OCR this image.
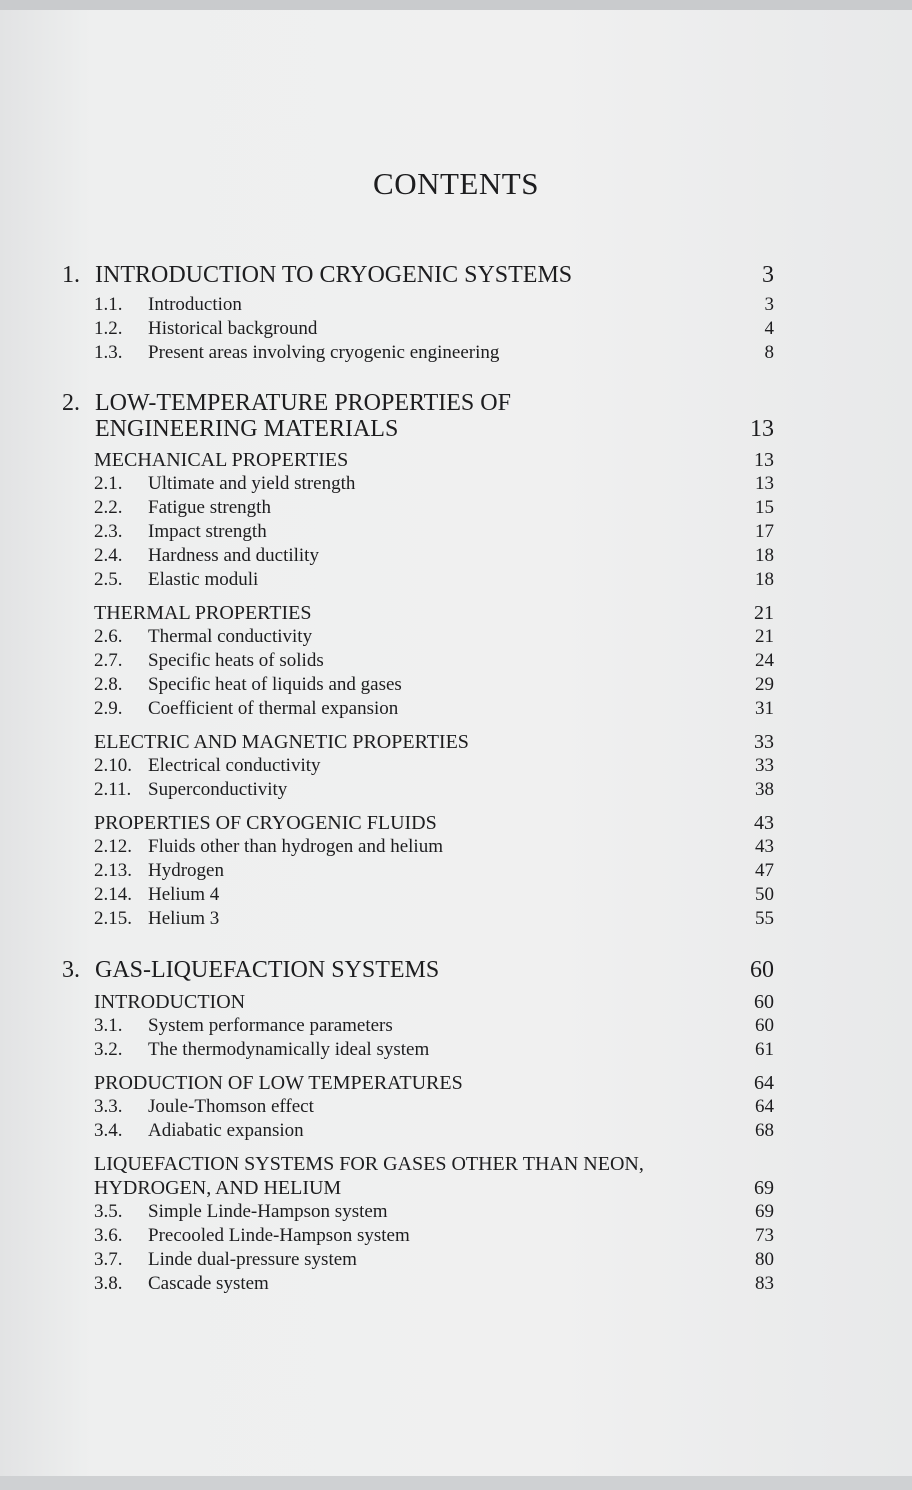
CONTENTS
1. INTRODUCTION TO CRYOGENIC SYSTEMS	3
1.1.	Introduction	3
1.2.	Historical background	4
1.3.	Present areas involving cryogenic engineering	8
2. LOW-TEMPERATURE PROPERTIES OF
ENGINEERING MATERIALS	13
MECHANICAL PROPERTIES	13
2.1.	Ultimate and yield strength	13
2.2.	Fatigue strength	15
2.3.	Impact strength	17
2.4.	Hardness and ductility	18
2.5.	Elastic moduli	18
THERMAL PROPERTIES	21
2.6.	Thermal conductivity	21
2.7.	Specific heats of solids	24
2.8.	Specific heat of liquids and gases	29
2.9.	Coefficient of thermal expansion	31
ELECTRIC AND MAGNETIC PROPERTIES	33
2.10. Electrical conductivity	33
2.11. Superconductivity	38
PROPERTIES OF CRYOGENIC FLUIDS	43
2.12. Fluids other than hydrogen and helium	43
2.13. Hydrogen	47
2.14. Helium 4	50
2.15. Helium 3	55
3. GAS-LIQUEFACTION SYSTEMS	60
INTRODUCTION	60
3.1.	System performance parameters	60
3.2.	The thermodynamically ideal system	61
PRODUCTION OF LOW TEMPERATURES	64
3.3.	Joule-Thomson effect	64
3.4.	Adiabatic expansion	68
LIQUEFACTION SYSTEMS FOR GASES OTHER THAN NEON,
HYDROGEN, AND HELIUM	69
3.5.	Simple Linde-Hampson system	69
3.6.	Precooled Linde-Hampson system	73
3.7.	Linde dual-pressure system	80
3.8.	Cascade system	83
